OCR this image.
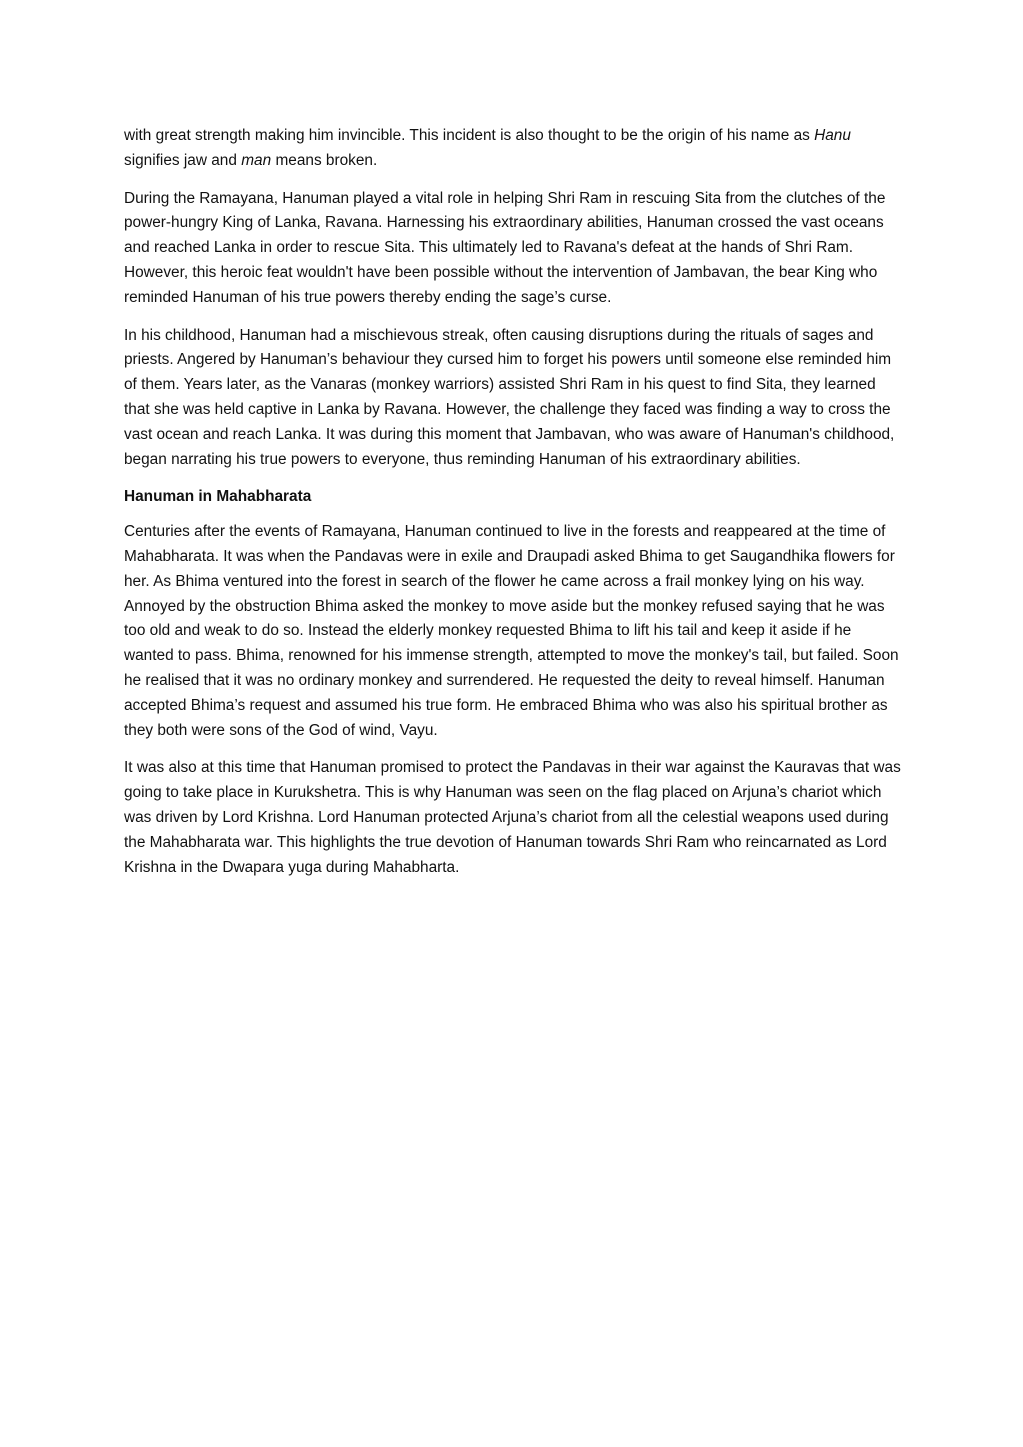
with great strength making him invincible. This incident is also thought to be the origin of his name as Hanu signifies jaw and man means broken.

During the Ramayana, Hanuman played a vital role in helping Shri Ram in rescuing Sita from the clutches of the power-hungry King of Lanka, Ravana. Harnessing his extraordinary abilities, Hanuman crossed the vast oceans and reached Lanka in order to rescue Sita. This ultimately led to Ravana's defeat at the hands of Shri Ram. However, this heroic feat wouldn't have been possible without the intervention of Jambavan, the bear King who reminded Hanuman of his true powers thereby ending the sage’s curse.

In his childhood, Hanuman had a mischievous streak, often causing disruptions during the rituals of sages and priests. Angered by Hanuman’s behaviour they cursed him to forget his powers until someone else reminded him of them. Years later, as the Vanaras (monkey warriors) assisted Shri Ram in his quest to find Sita, they learned that she was held captive in Lanka by Ravana. However, the challenge they faced was finding a way to cross the vast ocean and reach Lanka. It was during this moment that Jambavan, who was aware of Hanuman's childhood, began narrating his true powers to everyone, thus reminding Hanuman of his extraordinary abilities.

Hanuman in Mahabharata

Centuries after the events of Ramayana, Hanuman continued to live in the forests and reappeared at the time of Mahabharata. It was when the Pandavas were in exile and Draupadi asked Bhima to get Saugandhika flowers for her. As Bhima ventured into the forest in search of the flower he came across a frail monkey lying on his way. Annoyed by the obstruction Bhima asked the monkey to move aside but the monkey refused saying that he was too old and weak to do so. Instead the elderly monkey requested Bhima to lift his tail and keep it aside if he wanted to pass. Bhima, renowned for his immense strength, attempted to move the monkey's tail, but failed. Soon he realised that it was no ordinary monkey and surrendered. He requested the deity to reveal himself. Hanuman accepted Bhima’s request and assumed his true form. He embraced Bhima who was also his spiritual brother as they both were sons of the God of wind, Vayu.

It was also at this time that Hanuman promised to protect the Pandavas in their war against the Kauravas that was going to take place in Kurukshetra. This is why Hanuman was seen on the flag placed on Arjuna’s chariot which was driven by Lord Krishna. Lord Hanuman protected Arjuna’s chariot from all the celestial weapons used during the Mahabharata war. This highlights the true devotion of Hanuman towards Shri Ram who reincarnated as Lord Krishna in the Dwapara yuga during Mahabharta.
